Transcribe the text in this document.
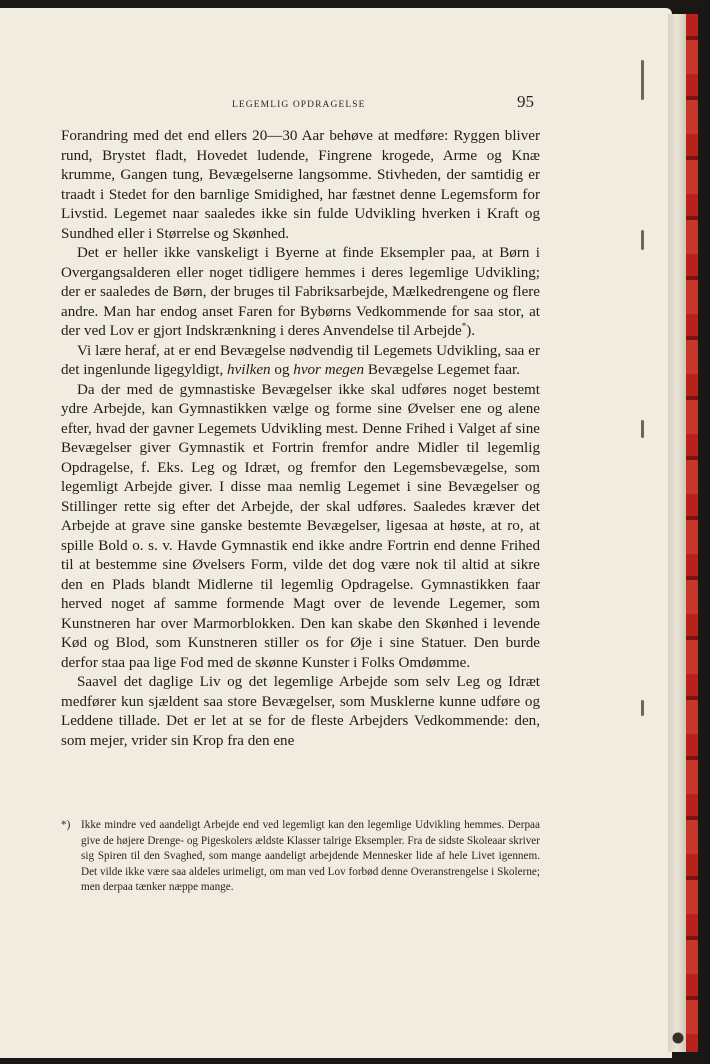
LEGEMLIG OPDRAGELSE	95

Forandring med det end ellers 20—30 Aar behøve at medføre: Ryggen bliver rund, Brystet fladt, Hovedet ludende, Fingrene krogede, Arme og Knæ krumme, Gangen tung, Bevægelserne langsomme. Stivheden, der samtidig er traadt i Stedet for den barnlige Smidighed, har fæstnet denne Legemsform for Livstid. Legemet naar saaledes ikke sin fulde Udvikling hverken i Kraft og Sundhed eller i Størrelse og Skønhed.

Det er heller ikke vanskeligt i Byerne at finde Eksempler paa, at Børn i Overgangsalderen eller noget tidligere hemmes i deres legemlige Udvikling; der er saaledes de Børn, der bruges til Fabriksarbejde, Mælkedrengene og flere andre. Man har endog anset Faren for Bybørns Vedkommende for saa stor, at der ved Lov er gjort Indskrænkning i deres Anvendelse til Arbejde*).

Vi lære heraf, at er end Bevægelse nødvendig til Legemets Udvikling, saa er det ingenlunde ligegyldigt, hvilken og hvor megen Bevægelse Legemet faar.

Da der med de gymnastiske Bevægelser ikke skal udføres noget bestemt ydre Arbejde, kan Gymnastikken vælge og forme sine Øvelser ene og alene efter, hvad der gavner Legemets Udvikling mest. Denne Frihed i Valget af sine Bevægelser giver Gymnastik et Fortrin fremfor andre Midler til legemlig Opdragelse, f. Eks. Leg og Idræt, og fremfor den Legemsbevægelse, som legemligt Arbejde giver. I disse maa nemlig Legemet i sine Bevægelser og Stillinger rette sig efter det Arbejde, der skal udføres. Saaledes kræver det Arbejde at grave sine ganske bestemte Bevægelser, ligesaa at høste, at ro, at spille Bold o. s. v. Havde Gymnastik end ikke andre Fortrin end denne Frihed til at bestemme sine Øvelsers Form, vilde det dog være nok til altid at sikre den en Plads blandt Midlerne til legemlig Opdragelse. Gymnastikken faar herved noget af samme formende Magt over de levende Legemer, som Kunstneren har over Marmorblokken. Den kan skabe den Skønhed i levende Kød og Blod, som Kunstneren stiller os for Øje i sine Statuer. Den burde derfor staa paa lige Fod med de skønne Kunster i Folks Omdømme.

Saavel det daglige Liv og det legemlige Arbejde som selv Leg og Idræt medfører kun sjældent saa store Bevægelser, som Musklerne kunne udføre og Leddene tillade. Det er let at se for de fleste Arbejders Vedkommende: den, som mejer, vrider sin Krop fra den ene

*) Ikke mindre ved aandeligt Arbejde end ved legemligt kan den legemlige Udvikling hemmes. Derpaa give de højere Drenge- og Pigeskolers ældste Klasser talrige Eksempler. Fra de sidste Skoleaar skriver sig Spiren til den Svaghed, som mange aandeligt arbejdende Mennesker lide af hele Livet igennem. Det vilde ikke være saa aldeles urimeligt, om man ved Lov forbød denne Overanstrengelse i Skolerne; men derpaa tænker næppe mange.
